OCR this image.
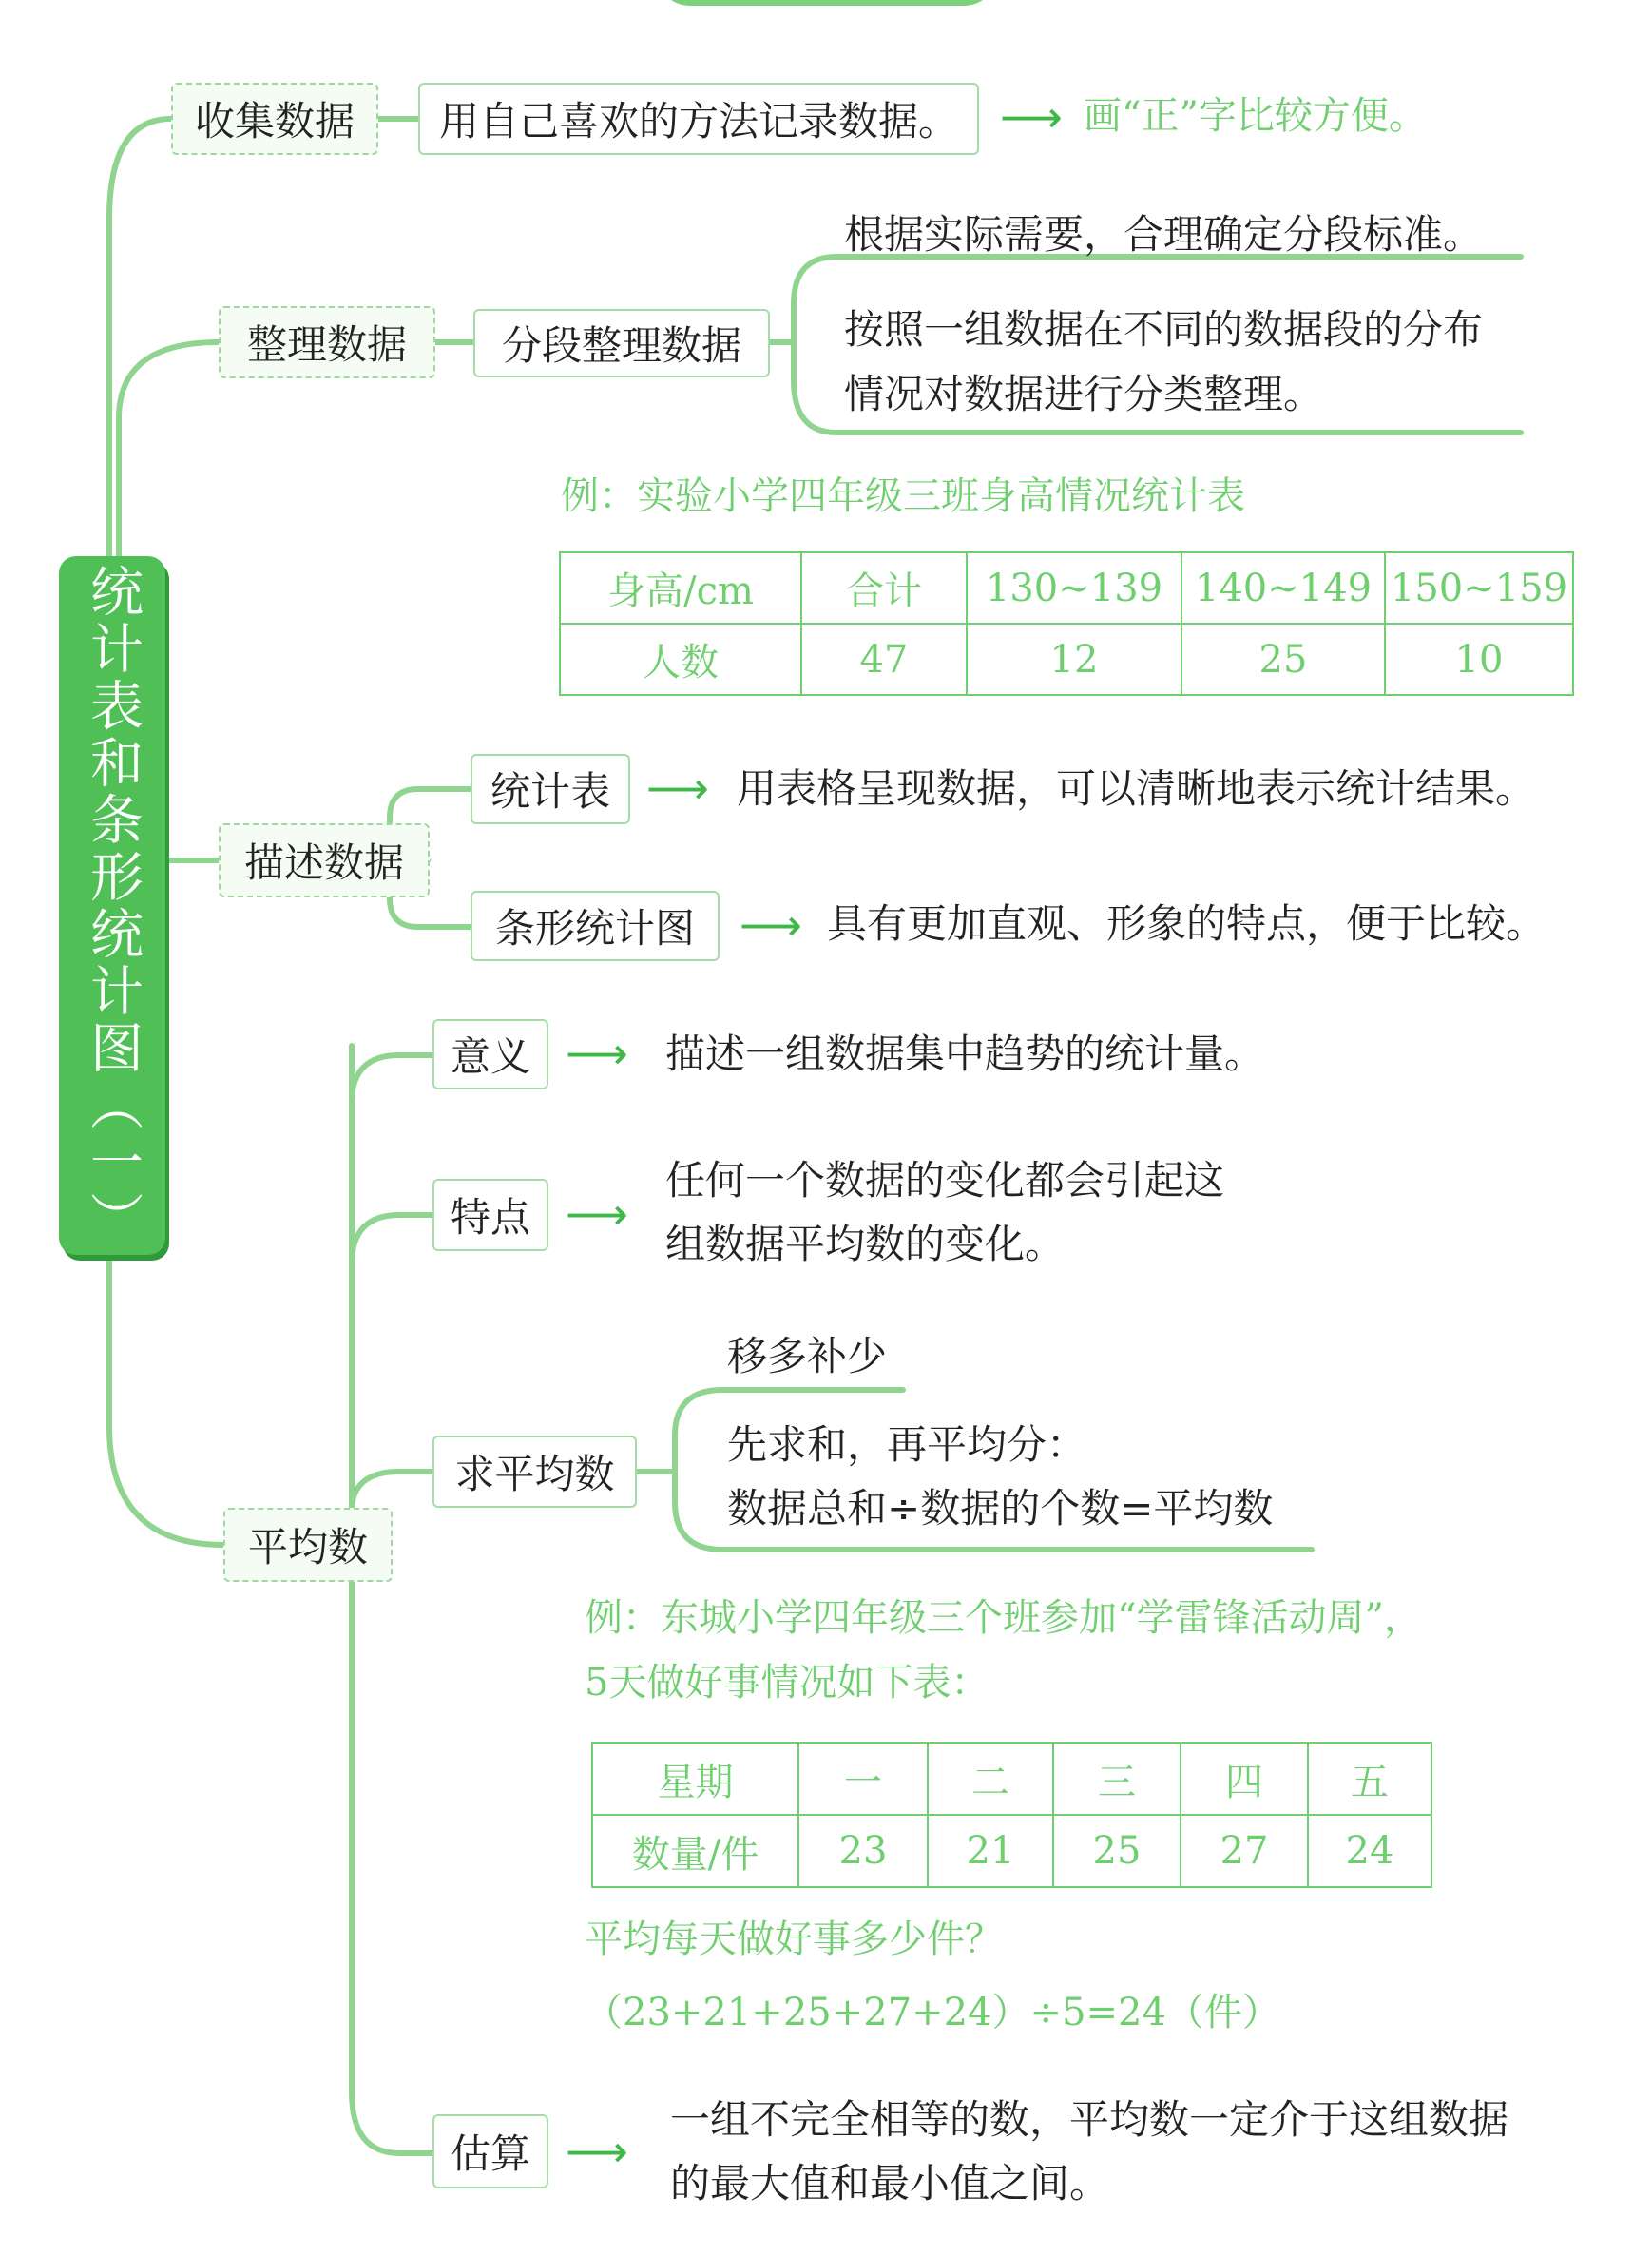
统计表和条形统计图（一）
收集数据	用自己喜欢的方法记录数据。 ⟶ 画“正”字比较方便。
整理数据	分段整理数据
根据实际需要，合理确定分段标准。
按照一组数据在不同的数据段的分布
情况对数据进行分类整理。
例：实验小学四年级三班身高情况统计表
身高/cm	合计	130~139	140~149	150~159
人数	47	12	25	10
描述数据
统计表 ⟶ 用表格呈现数据，可以清晰地表示统计结果。
条形统计图	⟶ 具有更加直观、形象的特点，便于比较。
平均数
意义 ⟶ 描述一组数据集中趋势的统计量。
特点 ⟶
任何一个数据的变化都会引起这
组数据平均数的变化。
求平均数
移多补少
先求和，再平均分：
数据总和÷数据的个数=平均数
例：东城小学四年级三个班参加“学雷锋活动周”，
5天做好事情况如下表：
星期	一	二	三	四	五
数量/件	23	21	25	27	24
平均每天做好事多少件？
（23+21+25+27+24）÷5=24（件）
估算 ⟶
一组不完全相等的数，平均数一定介于这组数据
的最大值和最小值之间。
